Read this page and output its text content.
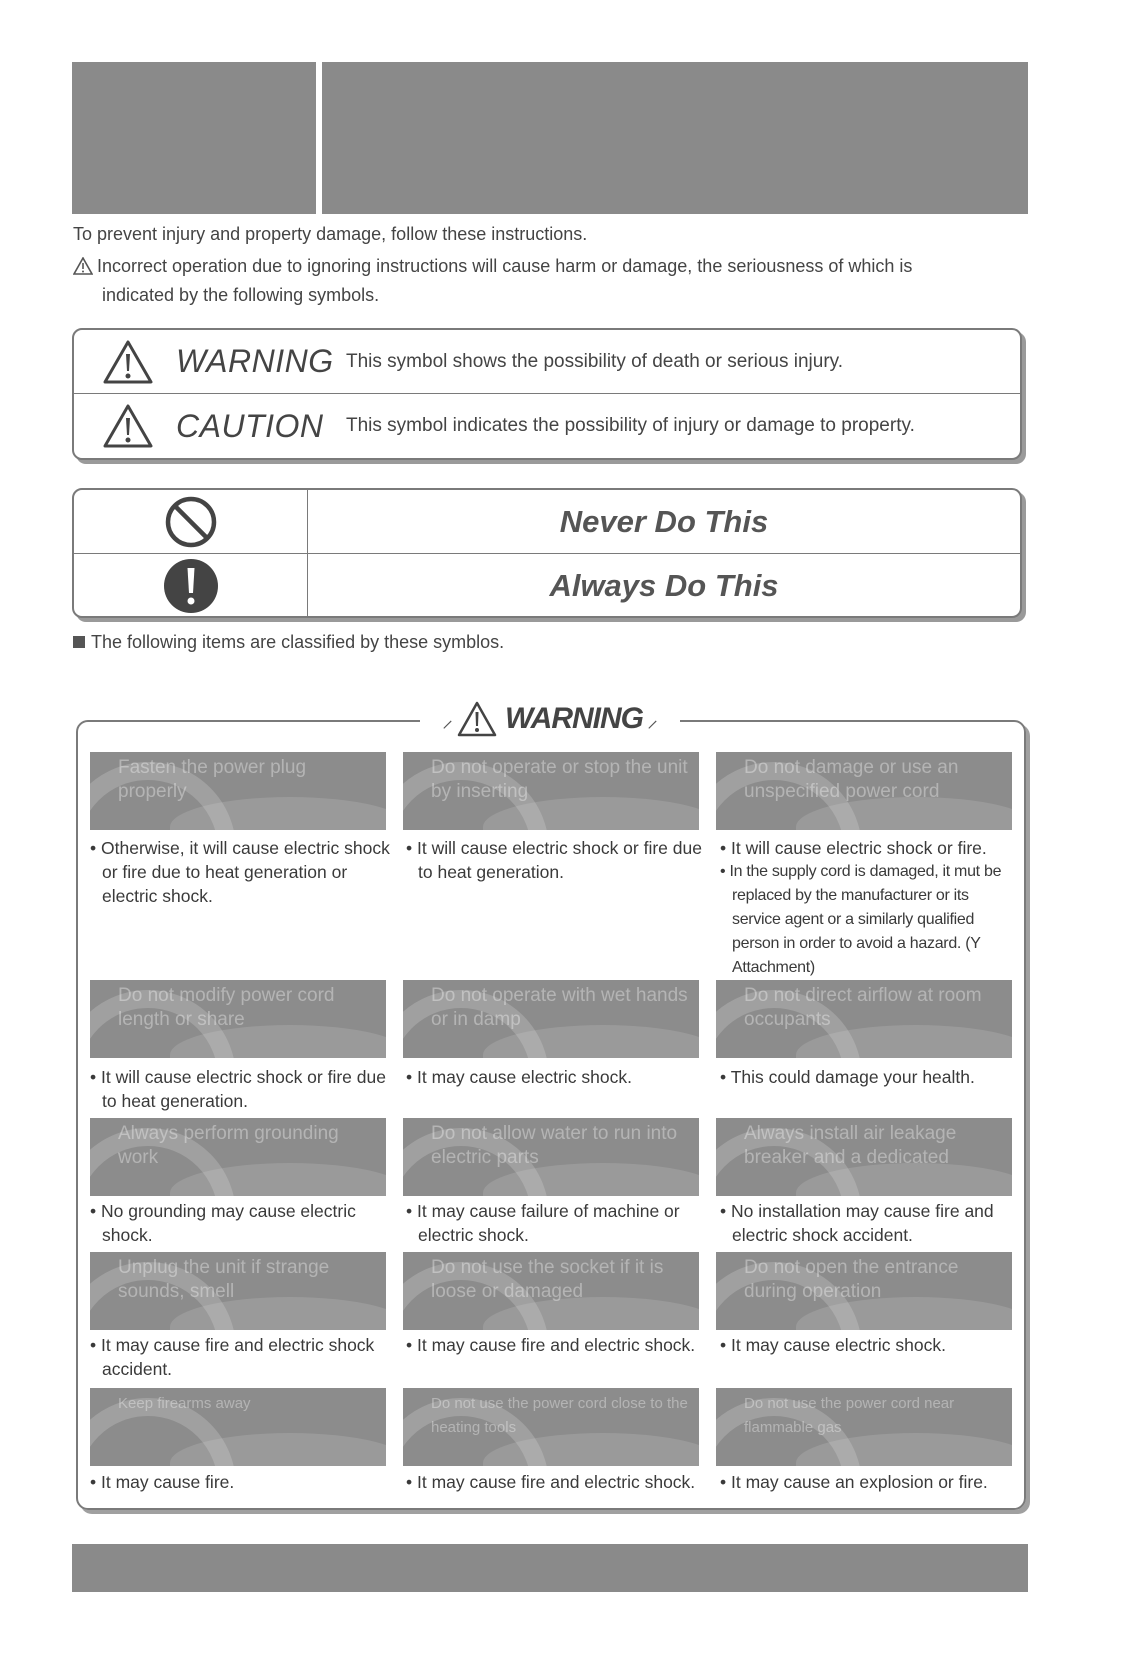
To prevent injury and property damage, follow these instructions.
Incorrect operation due to ignoring instructions will cause harm or damage, the seriousness of which is
indicated by the following symbols.
WARNING This symbol shows the possibility of death or serious injury.
CAUTION	This symbol indicates the possibility of injury or damage to property.
Never Do This
Always Do This
The following items are classified by these symblos.
⸝ WARNING ⸝
Fasten the power plug properly
Do not operate or stop the unit by inserting
Do not damage or use an unspecified power cord

• Otherwise, it will cause electric shock or fire due to heat generation or electric shock.

• It will cause electric shock or fire due to heat generation.

• It will cause electric shock or fire.

• In the supply cord is damaged, it mut be replaced by the manufacturer or its service agent or a similarly qualified person in order to avoid a hazard. (Y Attachment)

Do not modify power cord length or share
Do not operate with wet hands or in damp
Do not direct airflow at room occupants

• It will cause electric shock or fire due to heat generation.

• It may cause electric shock.	• This could damage your health.

Always perform grounding work
Do not allow water to run into electric parts
Always install air leakage breaker and a dedicated

• No grounding may cause electric shock.

• It may cause failure of machine or electric shock.

• No installation may cause fire and electric shock accident.

Unplug the unit if strange sounds, smell
Do not use the socket if it is loose or damaged
Do not open the entrance during operation

• It may cause fire and electric shock accident.

• It may cause fire and electric shock.	• It may cause electric shock.

Keep firearms away	Do not use the power cord close to the heating tools
Do not use the power cord near flammable gas

• It may cause fire.	• It may cause fire and electric shock.	• It may cause an explosion or fire.
